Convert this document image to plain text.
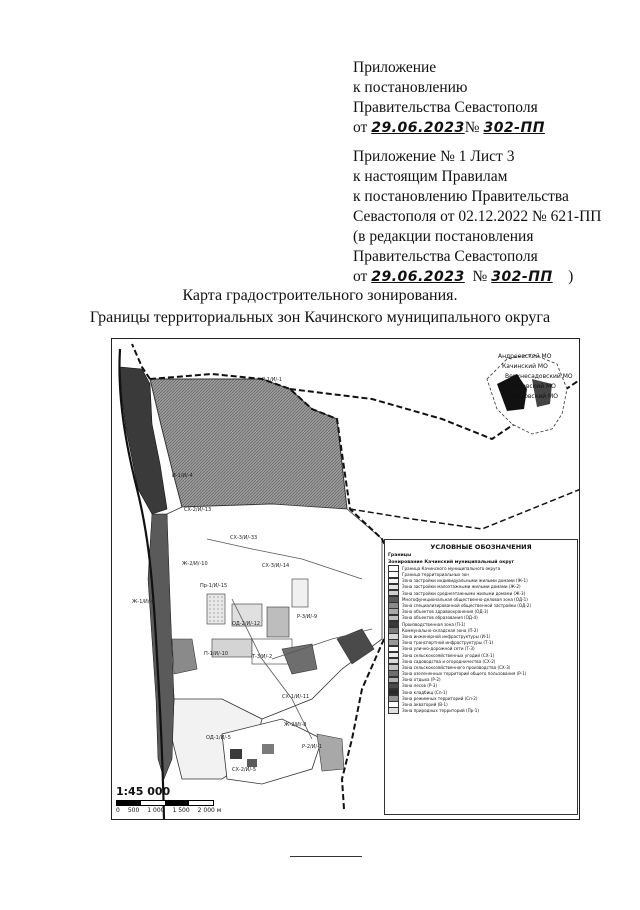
Приложение
к постановлению
Правительства Севастополя
от 29.06.2023№ 302-ПП
Приложение № 1 Лист 3
к настоящим Правилам
к постановлению Правительства
Севастополя от 02.12.2022 № 621-ПП
(в редакции постановления
Правительства Севастополя
от 29.06.2023 № 302-ПП )
Карта градостроительного зонирования.
Границы территориальных зон Качинского муниципального округа
Андреевский МО
Качинский МО
Верхнесадовский МО
Нахимовский МО
Орлиновский МО
Р-1/И/-1
СХ-2/И/-13
СХ-3/И/-33
Ж-2/И/-10
Ж-1/И/-6
Пр-1/И/-15
СХ-3/И/-14
ОД-2/И/-12
Р-3/И/-9
П-1/И/-10	Т-3/И/-2
СХ-1/И/-11
Ж-2/И/-8
ОД-1/И/-5
Р-2/И/-1
СХ-2/И/-5
И-1/И/-4
УСЛОВНЫЕ ОБОЗНАЧЕНИЯ
Границы
Зонирование Качинский муниципальный округ
Граница Качинского муниципального округа
Граница территориальных зон
Зона застройки индивидуальными жилыми домами (Ж-1)
Зона застройки малоэтажными жилыми домами (Ж-2)
Зона застройки среднеэтажными жилыми домами (Ж-3)
Многофункциональная общественно-деловая зона (ОД-1)
Зона специализированной общественной застройки (ОД-2)
Зона объектов здравоохранения (ОД-3)
Зона объектов образования (ОД-4)
Производственная зона (П-1)
Коммунально-складская зона (П-2)
Зона инженерной инфраструктуры (И-1)
Зона транспортной инфраструктуры (Т-1)
Зона улично-дорожной сети (Т-3)
Зона сельскохозяйственных угодий (СХ-1)
Зона садоводства и огородничества (СХ-2)
Зона сельскохозяйственного производства (СХ-3)
Зона озелененных территорий общего пользования (Р-1)
Зона отдыха (Р-2)
Зона лесов (Р-3)
Зона кладбищ (Сп-1)
Зона режимных территорий (Сп-2)
Зона акваторий (В-1)
Зона природных территорий (Пр-1)
1:45 000
0 500 1 000 1 500 2 000 м
